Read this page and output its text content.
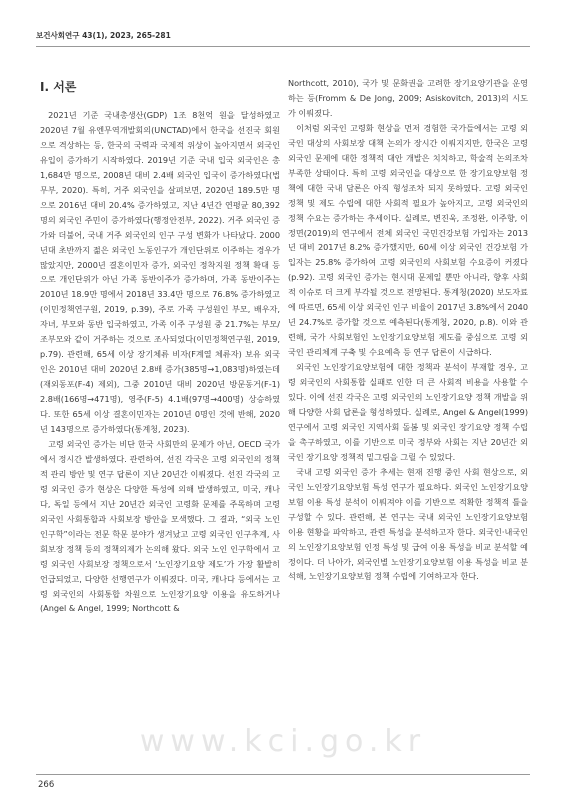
보건사회연구 43(1), 2023, 265-281
Ⅰ. 서론

2021년 기준 국내총생산(GDP) 1조 8천억 원을 달성하였고 2020년 7월 유엔무역개발회의(UNCTAD)에서 한국을 선진국 회원으로 격상하는 등, 한국의 국력과 국제적 위상이 높아지면서 외국인 유입이 증가하기 시작하였다. 2019년 기준 국내 입국 외국인은 총 1,684만 명으로, 2008년 대비 2.4배 외국인 입국이 증가하였다(법무부, 2020). 특히, 거주 외국인을 살펴보면, 2020년 189.5만 명으로 2016년 대비 20.4% 증가하였고, 지난 4년간 연평균 80,392명의 외국인 주민이 증가하였다(행정안전부, 2022). 거주 외국인 증가와 더불어, 국내 거주 외국인의 인구 구성 변화가 나타났다. 2000년대 초반까지 젊은 외국인 노동인구가 개인단위로 이주하는 경우가 많았지만, 2000년 결혼이민자 증가, 외국인 정착지원 정책 확대 등으로 개인단위가 아닌 가족 동반이주가 증가하며, 가족 동반이주는 2010년 18.9만 명에서 2018년 33.4만 명으로 76.8% 증가하였고(이민정책연구원, 2019, p.39), 주로 가족 구성원인 부모, 배우자, 자녀, 부모와 동반 입국하였고, 가족 이주 구성원 중 21.7%는 부모/조부모와 같이 거주하는 것으로 조사되었다(이민정책연구원, 2019, p.79). 관련해, 65세 이상 장기체류 비자(F계열 체류자) 보유 외국인은 2010년 대비 2020년 2.8배 증가(385명→1,083명)하였는데(재외동포(F-4) 제외), 그중 2010년 대비 2020년 방문동거(F-1) 2.8배(166명→471명), 영주(F-5) 4.1배(97명→400명) 상승하였다. 또한 65세 이상 결혼이민자는 2010년 0명인 것에 반해, 2020년 143명으로 증가하였다(통계청, 2023).

고령 외국인 증가는 비단 한국 사회만의 문제가 아닌, OECD 국가에서 정시간 발생하였다. 관련하여, 선진 각국은 고령 외국인의 정책적 관리 방안 및 연구 답론이 지난 20년간 이뤄졌다. 선진 각국의 고령 외국인 증가 현상은 다양한 특성에 의해 발생하였고, 미국, 캐나다, 독일 등에서 지난 20년간 외국인 고령화 문제를 주목하며 고령 외국인 사회통합과 사회보장 방안을 모색했다. 그 결과, “외국 노인 인구학”이라는 전문 학문 분야가 생겨났고 고령 외국인 인구추계, 사회보장 정책 등의 정책의제가 논의해 왔다. 외국 노인 인구학에서 고령 외국인 사회보장 정책으로서 ‘노인장기요양 제도’가 가장 활발히 언급되었고, 다양한 선행연구가 이뤄졌다. 미국, 캐나다 등에서는 고령 외국인의 사회통합 차원으로 노인장기요양 이용을 유도하거나(Angel & Angel, 1999; Northcott &

Northcott, 2010), 국가 및 문화권을 고려한 장기요양기관을 운영하는 등(Fromm & De Jong, 2009; Asiskovitch, 2013)의 시도가 이뤄졌다.

이처럼 외국인 고령화 현상을 먼저 경험한 국가들에서는 고령 외국인 대상의 사회보장 대책 논의가 장시간 이뤄지지만, 한국은 고령 외국인 문제에 대한 정책적 대안 개발은 치치하고, 학술적 논의조차 부족한 상태이다. 특히 고령 외국인을 대상으로 한 장기요양보험 정책에 대한 국내 담론은 아직 형성조차 되지 못하였다. 고령 외국인 정책 및 제도 수립에 대한 사회적 필요가 높아지고, 고령 외국인의 정책 수요는 증가하는 추세이다. 실례로, 변진욱, 조정완, 이주향, 이정면(2019)의 연구에서 전체 외국인 국민건강보험 가입자는 2013년 대비 2017년 8.2% 증가했지만, 60세 이상 외국인 건강보험 가입자는 25.8% 증가하여 고령 외국인의 사회보험 수요증이 커졌다(p.92). 고령 외국인 증가는 현시대 문제일 뿐만 아니라, 향후 사회적 이슈로 더 크게 부각될 것으로 전망된다. 통계청(2020) 보도자료에 따르면, 65세 이상 외국인 인구 비율이 2017년 3.8%에서 2040년 24.7%로 증가할 것으로 예측된다(통계청, 2020, p.8). 이와 관련해, 국가 사회보험인 노인장기요양보험 제도를 중심으로 고령 외국인 관리체계 구축 및 수요예측 등 연구 답론이 시급하다.

외국인 노인장기요양보험에 대한 정책과 분석이 부재할 경우, 고령 외국인의 사회통합 실패로 인한 더 큰 사회적 비용을 사용할 수 있다. 이에 선진 각국은 고령 외국인의 노인장기요양 정책 개발을 위해 다양한 사회 답론을 형성하였다. 실례로, Angel & Angel(1999) 연구에서 고령 외국인 지역사회 돌봄 및 외국인 장기요양 정책 수립을 촉구하였고, 이를 기반으로 미국 정부와 사회는 지난 20년간 외국인 장기요양 정책적 밑그림을 그릴 수 있었다.

국내 고령 외국인 증가 추세는 현재 진행 중인 사회 현상으로, 외국인 노인장기요양보험 특성 연구가 필요하다. 외국인 노인장기요양보험 이용 특성 분석이 이뤄져야 이를 기반으로 적확한 정책적 틀을 구성할 수 있다. 관련해, 본 연구는 국내 외국인 노인장기요양보험 이용 현황을 파악하고, 관련 특성을 분석하고자 한다. 외국인·내국인의 노인장기요양보험 인정 특성 및 급여 이용 특성을 비교 분석할 예정이다. 더 나아가, 외국인별 노인장기요양보험 이용 특성을 비교 분석해, 노인장기요양보험 정책 수립에 기여하고자 한다.

www.kci.go.kr
266
